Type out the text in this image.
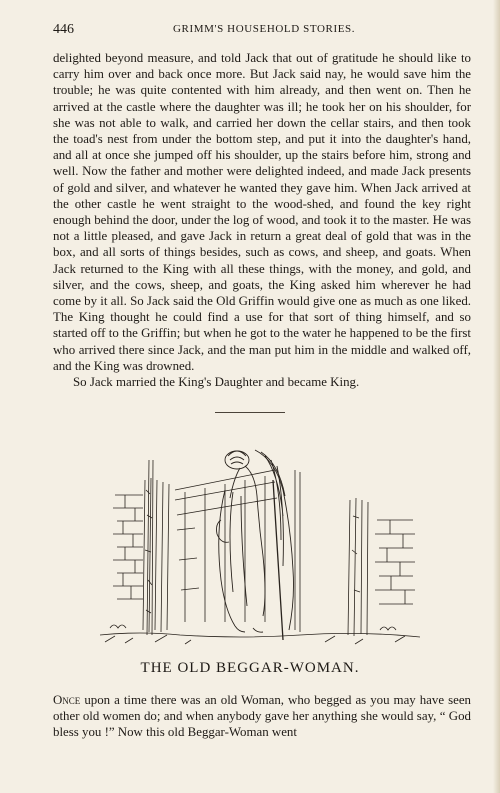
446	GRIMM'S HOUSEHOLD STORIES.

delighted beyond measure, and told Jack that out of gratitude he should like to carry him over and back once more. But Jack said nay, he would save him the trouble; he was quite contented with him already, and then went on. Then he arrived at the castle where the daughter was ill; he took her on his shoulder, for she was not able to walk, and carried her down the cellar stairs, and then took the toad's nest from under the bottom step, and put it into the daughter's hand, and all at once she jumped off his shoulder, up the stairs before him, strong and well. Now the father and mother were delighted indeed, and made Jack presents of gold and silver, and whatever he wanted they gave him. When Jack arrived at the other castle he went straight to the wood-shed, and found the key right enough behind the door, under the log of wood, and took it to the master. He was not a little pleased, and gave Jack in return a great deal of gold that was in the box, and all sorts of things besides, such as cows, and sheep, and goats. When Jack returned to the King with all these things, with the money, and gold, and silver, and the cows, sheep, and goats, the King asked him wherever he had come by it all. So Jack said the Old Griffin would give one as much as one liked. The King thought he could find a use for that sort of thing himself, and so started off to the Griffin; but when he got to the water he happened to be the first who arrived there since Jack, and the man put him in the middle and walked off, and the King was drowned.

So Jack married the King's Daughter and became King.

THE OLD BEGGAR-WOMAN.

Once upon a time there was an old Woman, who begged as you may have seen other old women do; and when anybody gave her anything she would say, “ God bless you !” Now this old Beggar-Woman went
